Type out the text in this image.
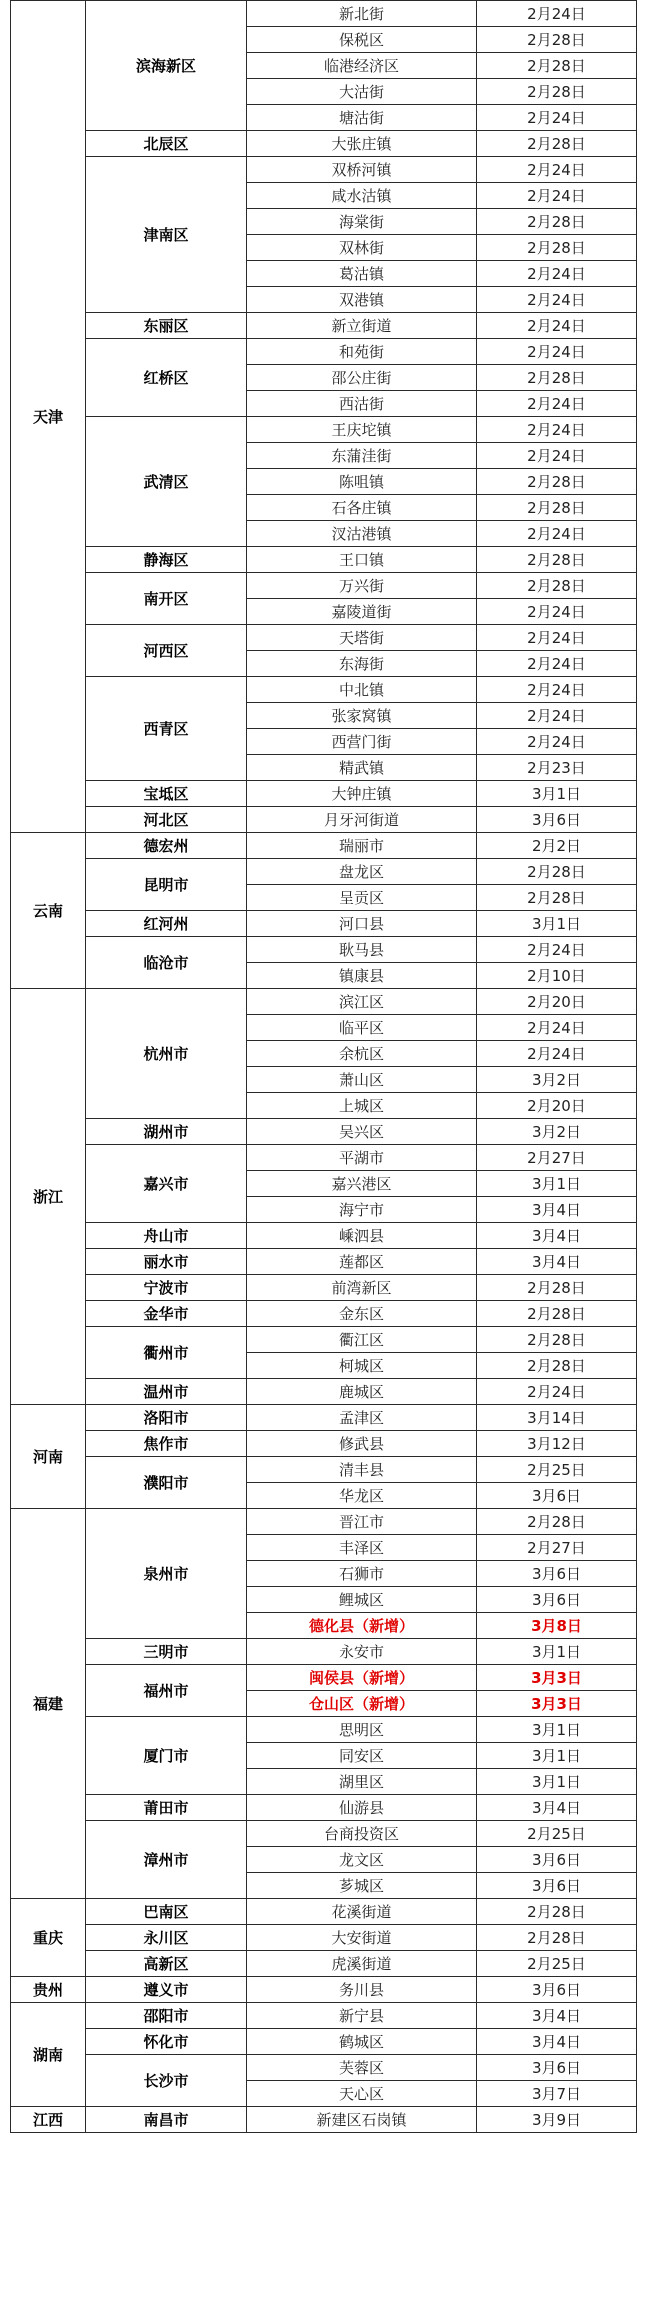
天津	滨海新区	新北街	2月24日
		保税区	2月28日
		临港经济区	2月28日
		大沽街	2月28日
		塘沽街	2月24日
	北辰区	大张庄镇	2月28日
	津南区	双桥河镇	2月24日
		咸水沽镇	2月24日
		海棠街	2月28日
		双林街	2月28日
		葛沽镇	2月24日
		双港镇	2月24日
	东丽区	新立街道	2月24日
	红桥区	和苑街	2月24日
		邵公庄街	2月28日
		西沽街	2月24日
	武清区	王庆坨镇	2月24日
		东蒲洼街	2月24日
		陈咀镇	2月28日
		石各庄镇	2月28日
		汊沽港镇	2月24日
	静海区	王口镇	2月28日
	南开区	万兴街	2月28日
		嘉陵道街	2月24日
	河西区	天塔街	2月24日
		东海街	2月24日
	西青区	中北镇	2月24日
		张家窝镇	2月24日
		西营门街	2月24日
		精武镇	2月23日
	宝坻区	大钟庄镇	3月1日
	河北区	月牙河街道	3月6日
云南	德宏州	瑞丽市	2月2日
	昆明市	盘龙区	2月28日
		呈贡区	2月28日
	红河州	河口县	3月1日
	临沧市	耿马县	2月24日
		镇康县	2月10日
浙江	杭州市	滨江区	2月20日
		临平区	2月24日
		余杭区	2月24日
		萧山区	3月2日
		上城区	2月20日
	湖州市	吴兴区	3月2日
	嘉兴市	平湖市	2月27日
		嘉兴港区	3月1日
		海宁市	3月4日
	舟山市	嵊泗县	3月4日
	丽水市	莲都区	3月4日
	宁波市	前湾新区	2月28日
	金华市	金东区	2月28日
	衢州市	衢江区	2月28日
		柯城区	2月28日
	温州市	鹿城区	2月24日
河南	洛阳市	孟津区	3月14日
	焦作市	修武县	3月12日
	濮阳市	清丰县	2月25日
		华龙区	3月6日
福建	泉州市	晋江市	2月28日
		丰泽区	2月27日
		石狮市	3月6日
		鲤城区	3月6日
		德化县（新增）	3月8日
	三明市	永安市	3月1日
	福州市	闽侯县（新增）	3月3日
		仓山区（新增）	3月3日
	厦门市	思明区	3月1日
		同安区	3月1日
		湖里区	3月1日
	莆田市	仙游县	3月4日
	漳州市	台商投资区	2月25日
		龙文区	3月6日
		芗城区	3月6日
重庆	巴南区	花溪街道	2月28日
	永川区	大安街道	2月28日
	高新区	虎溪街道	2月25日
贵州	遵义市	务川县	3月6日
湖南	邵阳市	新宁县	3月4日
	怀化市	鹤城区	3月4日
	长沙市	芙蓉区	3月6日
		天心区	3月7日
江西	南昌市	新建区石岗镇	3月9日
